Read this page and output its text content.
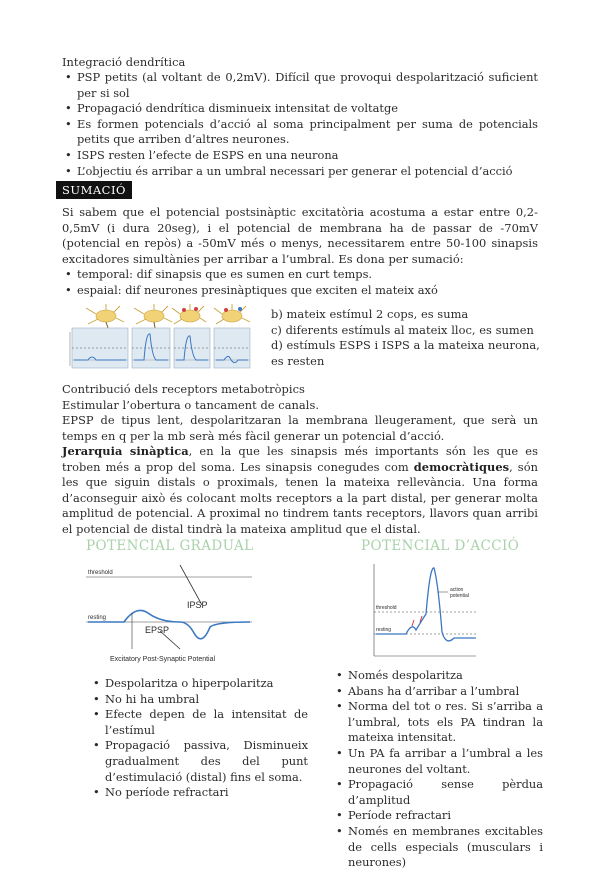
Integració dendrítica
• PSP petits (al voltant de 0,2mV). Difícil que provoqui despolarització suficient per si sol
• Propagació dendrítica disminueix intensitat de voltatge
• Es formen potencials d’acció al soma principalment per suma de potencials petits que arriben d’altres neurones.
• ISPS resten l’efecte de ESPS en una neurona
• L’objectiu és arribar a un umbral necessari per generar el potencial d’acció
SUMACIÓ
Si sabem que el potencial postsinàptic excitatòria acostuma a estar entre 0,2-0,5mV (i dura 20seg), i el potencial de membrana ha de passar de -70mV (potencial en repòs) a -50mV més o menys, necessitarem entre 50-100 sinapsis excitadores simultànies per arribar a l’umbral. Es dona per sumació:
• temporal: dif sinapsis que es sumen en curt temps.
• espaial: dif neurones presinàptiques que exciten el mateix axó
b) mateix estímul 2 cops, es suma
c) diferents estímuls al mateix lloc, es sumen
d) estímuls ESPS i ISPS a la mateixa neurona,
es resten
Contribució dels receptors metabotròpics
Estimular l’obertura o tancament de canals.
EPSP de tipus lent, despolaritzaran la membrana lleugerament, que serà un temps en q per la mb serà més fàcil generar un potencial d’acció.
Jerarquia sinàptica, en la que les sinapsis més importants són les que es troben més a prop del soma. Les sinapsis conegudes com democràtiques, són les que siguin distals o proximals, tenen la mateixa rellevància. Una forma d’aconseguir això és colocant molts receptors a la part distal, per generar molta amplitud de potencial. A proximal no tindrem tants receptors, llavors quan arribi el potencial de distal tindrà la mateixa amplitud que el distal.
POTENCIAL GRADUAL
threshold
resting
IPSP
EPSP
Excitatory Post-Synaptic Potential
• Despolaritza o hiperpolaritza
• No hi ha umbral
• Efecte depen de la intensitat de l’estímul
• Propagació passiva, Disminueix gradualment des del punt d’estimulació (distal) fins el soma.
• No període refractari
POTENCIAL D’ACCIÓ
threshold
resting
action potential
• Només despolaritza
• Abans ha d’arribar a l’umbral
• Norma del tot o res. Si s’arriba a l’umbral, tots els PA tindran la mateixa intensitat.
• Un PA fa arribar a l’umbral a les neurones del voltant.
• Propagació sense pèrdua d’amplitud
• Període refractari
• Només en membranes excitables de cells especials (musculars i neurones)
